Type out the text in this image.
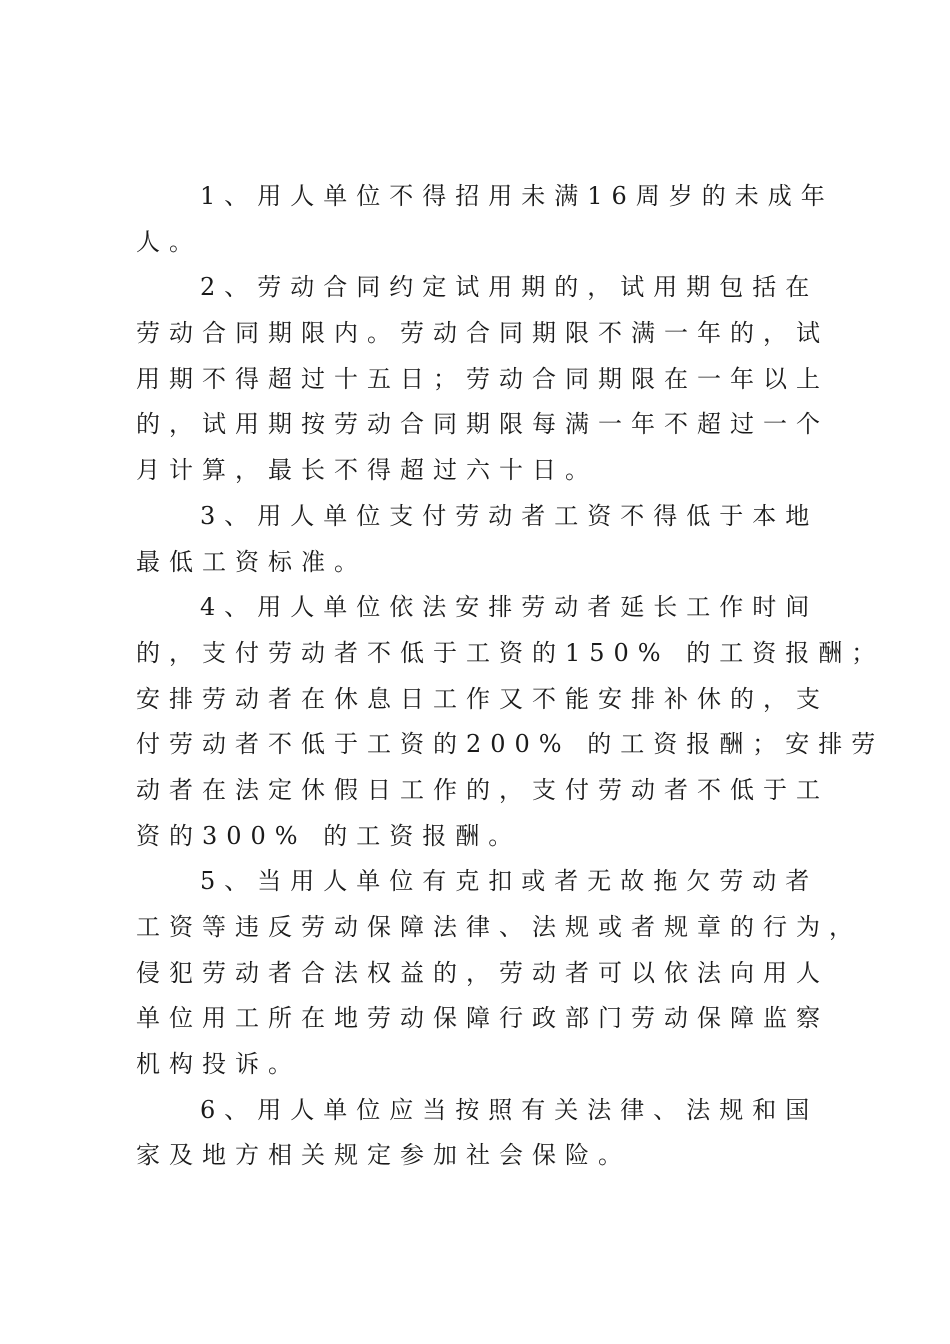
1、用人单位不得招用未满16周岁的未成年
人。
2、劳动合同约定试用期的，试用期包括在
劳动合同期限内。劳动合同期限不满一年的，试
用期不得超过十五日；劳动合同期限在一年以上
的，试用期按劳动合同期限每满一年不超过一个
月计算，最长不得超过六十日。
3、用人单位支付劳动者工资不得低于本地
最低工资标准。
4、用人单位依法安排劳动者延长工作时间
的，支付劳动者不低于工资的150% 的工资报酬；
安排劳动者在休息日工作又不能安排补休的，支
付劳动者不低于工资的200% 的工资报酬；安排劳
动者在法定休假日工作的，支付劳动者不低于工
资的300% 的工资报酬。
5、当用人单位有克扣或者无故拖欠劳动者
工资等违反劳动保障法律、法规或者规章的行为，
侵犯劳动者合法权益的，劳动者可以依法向用人
单位用工所在地劳动保障行政部门劳动保障监察
机构投诉。
6、用人单位应当按照有关法律、法规和国
家及地方相关规定参加社会保险。
